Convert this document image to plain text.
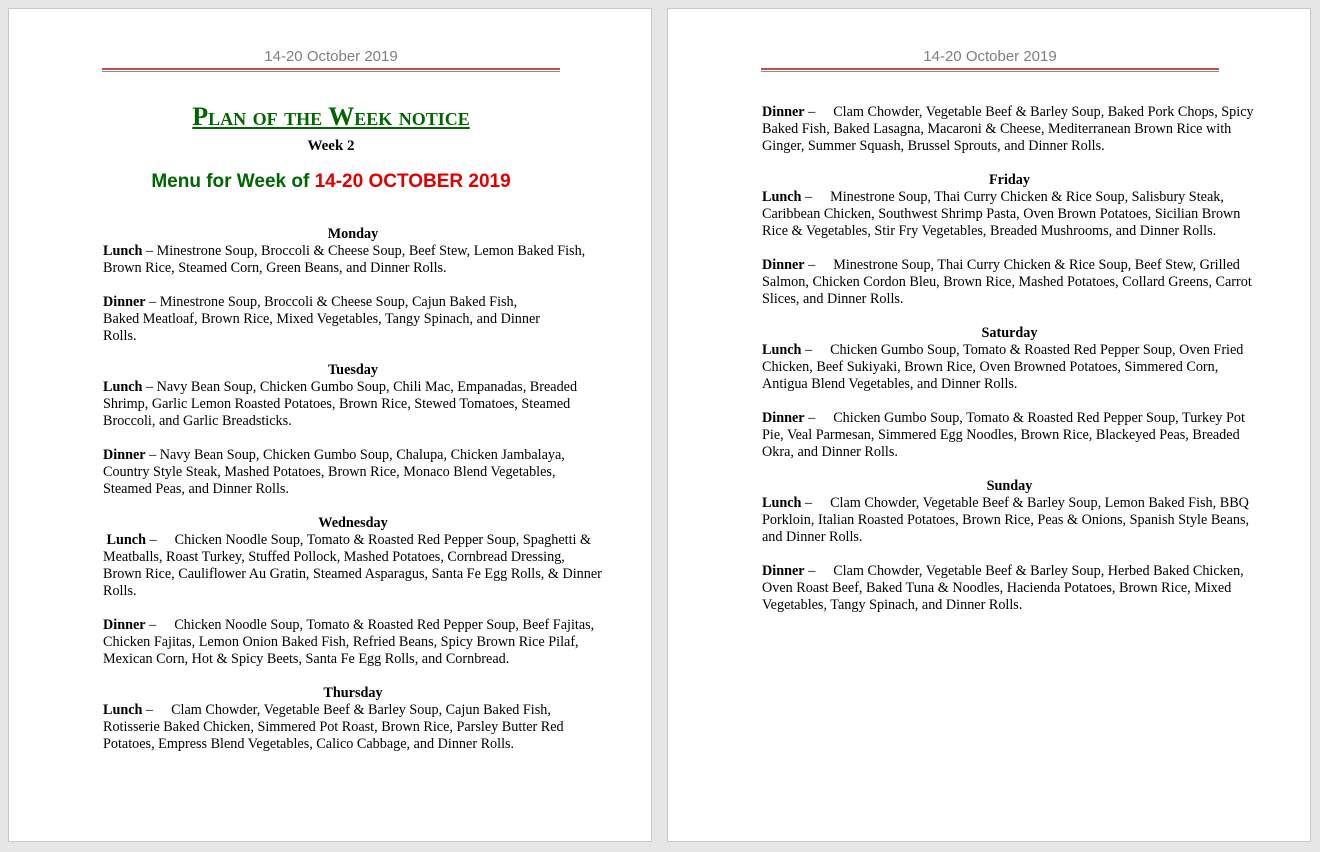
14-20 October 2019
Plan of the Week notice
Week 2
Menu for Week of 14-20 OCTOBER 2019
Monday

Lunch – Minestrone Soup, Broccoli & Cheese Soup, Beef Stew, Lemon Baked Fish, Brown Rice, Steamed Corn, Green Beans, and Dinner Rolls.

Dinner – Minestrone Soup, Broccoli & Cheese Soup, Cajun Baked Fish, Baked Meatloaf, Brown Rice, Mixed Vegetables, Tangy Spinach, and Dinner Rolls.

Tuesday

Lunch – Navy Bean Soup, Chicken Gumbo Soup, Chili Mac, Empanadas, Breaded Shrimp, Garlic Lemon Roasted Potatoes, Brown Rice, Stewed Tomatoes, Steamed Broccoli, and Garlic Breadsticks.

Dinner – Navy Bean Soup, Chicken Gumbo Soup, Chalupa, Chicken Jambalaya, Country Style Steak, Mashed Potatoes, Brown Rice, Monaco Blend Vegetables, Steamed Peas, and Dinner Rolls.

Wednesday

Lunch – Chicken Noodle Soup, Tomato & Roasted Red Pepper Soup, Spaghetti & Meatballs, Roast Turkey, Stuffed Pollock, Mashed Potatoes, Cornbread Dressing, Brown Rice, Cauliflower Au Gratin, Steamed Asparagus, Santa Fe Egg Rolls, & Dinner Rolls.

Dinner – Chicken Noodle Soup, Tomato & Roasted Red Pepper Soup, Beef Fajitas, Chicken Fajitas, Lemon Onion Baked Fish, Refried Beans, Spicy Brown Rice Pilaf, Mexican Corn, Hot & Spicy Beets, Santa Fe Egg Rolls, and Cornbread.

Thursday

Lunch – Clam Chowder, Vegetable Beef & Barley Soup, Cajun Baked Fish, Rotisserie Baked Chicken, Simmered Pot Roast, Brown Rice, Parsley Butter Red Potatoes, Empress Blend Vegetables, Calico Cabbage, and Dinner Rolls.

14-20 October 2019

Dinner – Clam Chowder, Vegetable Beef & Barley Soup, Baked Pork Chops, Spicy Baked Fish, Baked Lasagna, Macaroni & Cheese, Mediterranean Brown Rice with Ginger, Summer Squash, Brussel Sprouts, and Dinner Rolls.

Friday

Lunch – Minestrone Soup, Thai Curry Chicken & Rice Soup, Salisbury Steak, Caribbean Chicken, Southwest Shrimp Pasta, Oven Brown Potatoes, Sicilian Brown Rice & Vegetables, Stir Fry Vegetables, Breaded Mushrooms, and Dinner Rolls.

Dinner – Minestrone Soup, Thai Curry Chicken & Rice Soup, Beef Stew, Grilled Salmon, Chicken Cordon Bleu, Brown Rice, Mashed Potatoes, Collard Greens, Carrot Slices, and Dinner Rolls.

Saturday

Lunch – Chicken Gumbo Soup, Tomato & Roasted Red Pepper Soup, Oven Fried Chicken, Beef Sukiyaki, Brown Rice, Oven Browned Potatoes, Simmered Corn, Antigua Blend Vegetables, and Dinner Rolls.

Dinner – Chicken Gumbo Soup, Tomato & Roasted Red Pepper Soup, Turkey Pot Pie, Veal Parmesan, Simmered Egg Noodles, Brown Rice, Blackeyed Peas, Breaded Okra, and Dinner Rolls.

Sunday

Lunch – Clam Chowder, Vegetable Beef & Barley Soup, Lemon Baked Fish, BBQ Porkloin, Italian Roasted Potatoes, Brown Rice, Peas & Onions, Spanish Style Beans, and Dinner Rolls.

Dinner – Clam Chowder, Vegetable Beef & Barley Soup, Herbed Baked Chicken, Oven Roast Beef, Baked Tuna & Noodles, Hacienda Potatoes, Brown Rice, Mixed Vegetables, Tangy Spinach, and Dinner Rolls.
